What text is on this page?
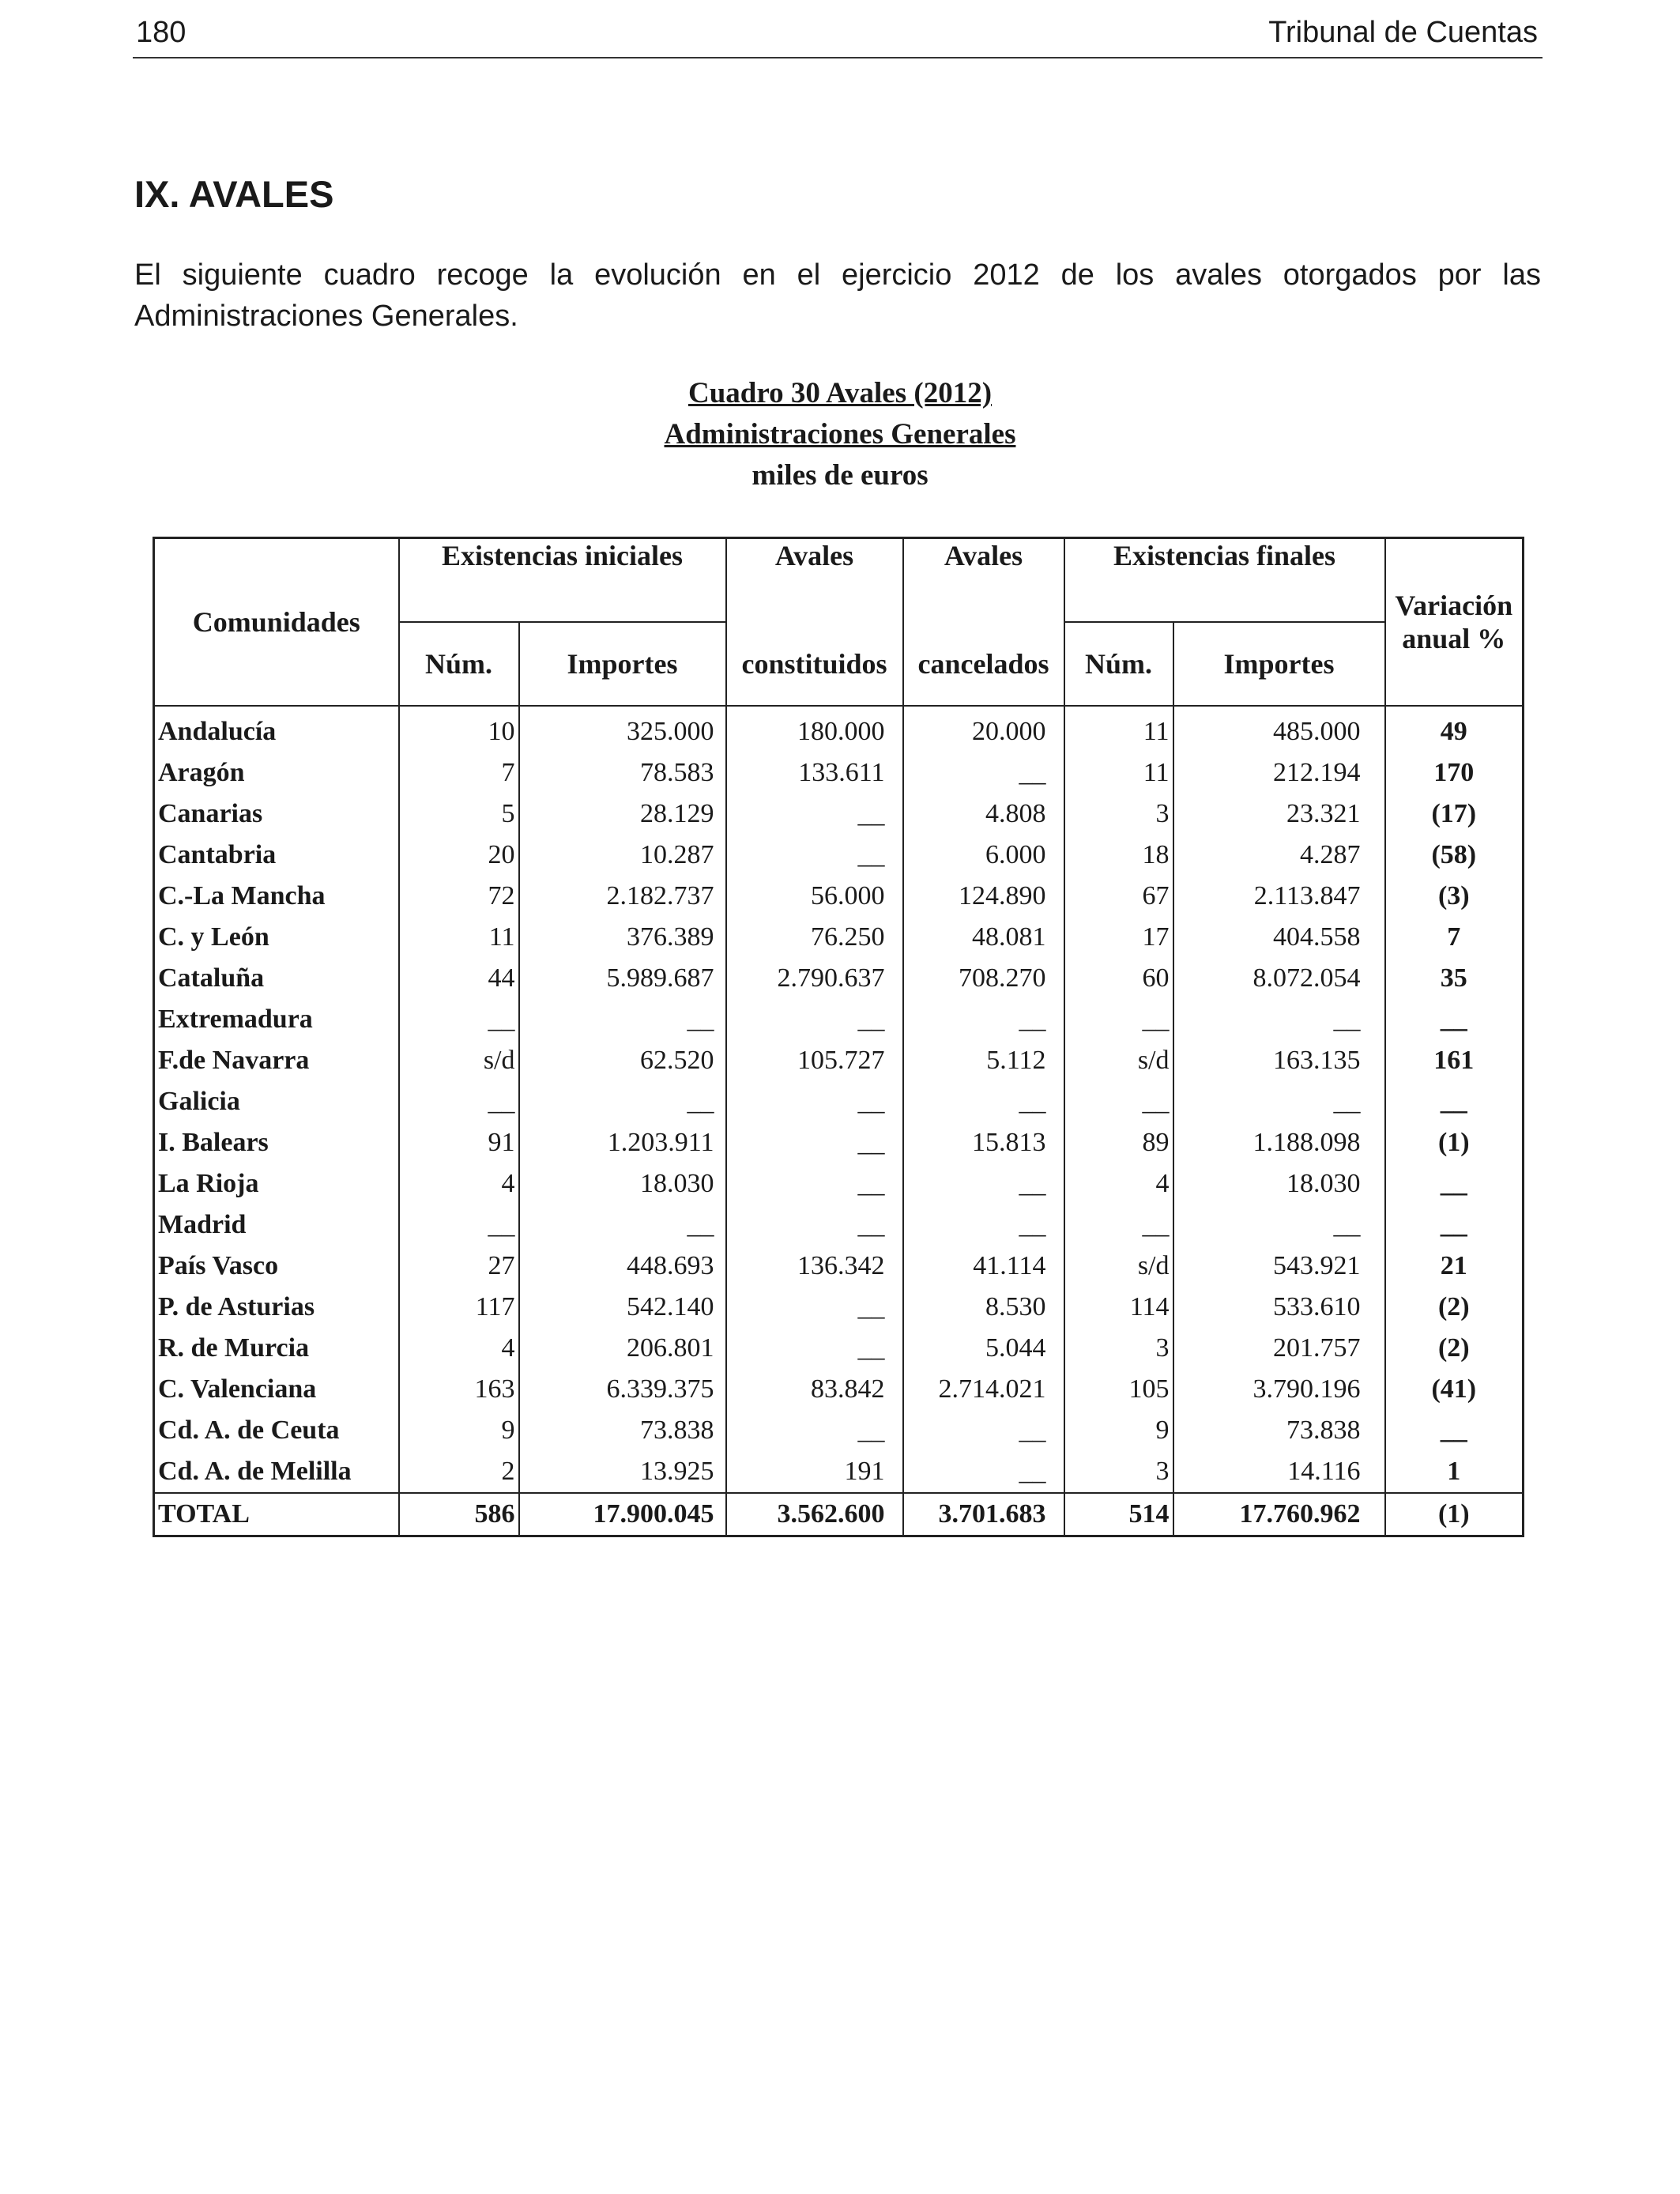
180	Tribunal de Cuentas
IX. AVALES

El siguiente cuadro recoge la evolución en el ejercicio 2012 de los avales otorgados por las Administraciones Generales.

Cuadro 30 Avales (2012)
Administraciones Generales
miles de euros
Comunidades	Existencias iniciales		Avales	Avales	Existencias finales		Variación
	Núm.	Importes	constituidos	cancelados	Núm.	Importes	anual %
Andalucía	10	325.000	180.000	20.000	11	485.000	49
Aragón	7	78.583	133.611	__	11	212.194	170
Canarias	5	28.129	__	4.808	3	23.321	(17)
Cantabria	20	10.287	__	6.000	18	4.287	(58)
C.-La Mancha	72	2.182.737	56.000	124.890	67	2.113.847	(3)
C. y León	11	376.389	76.250	48.081	17	404.558	7
Cataluña	44	5.989.687	2.790.637	708.270	60	8.072.054	35
Extremadura	__	__	__	__	__	__	__
F.de Navarra	s/d	62.520	105.727	5.112	s/d	163.135	161
Galicia	__	__	__	__	__	__	__
I. Balears	91	1.203.911	__	15.813	89	1.188.098	(1)
La Rioja	4	18.030	__	__	4	18.030	__
Madrid	__	__	__	__	__	__	__
País Vasco	27	448.693	136.342	41.114	s/d	543.921	21
P. de Asturias	117	542.140	__	8.530	114	533.610	(2)
R. de Murcia	4	206.801	__	5.044	3	201.757	(2)
C. Valenciana	163	6.339.375	83.842	2.714.021	105	3.790.196	(41)
Cd. A. de Ceuta	9	73.838	__	__	9	73.838	__
Cd. A. de Melilla	2	13.925	191	__	3	14.116	1
TOTAL	586	17.900.045	3.562.600	3.701.683	514	17.760.962	(1)
